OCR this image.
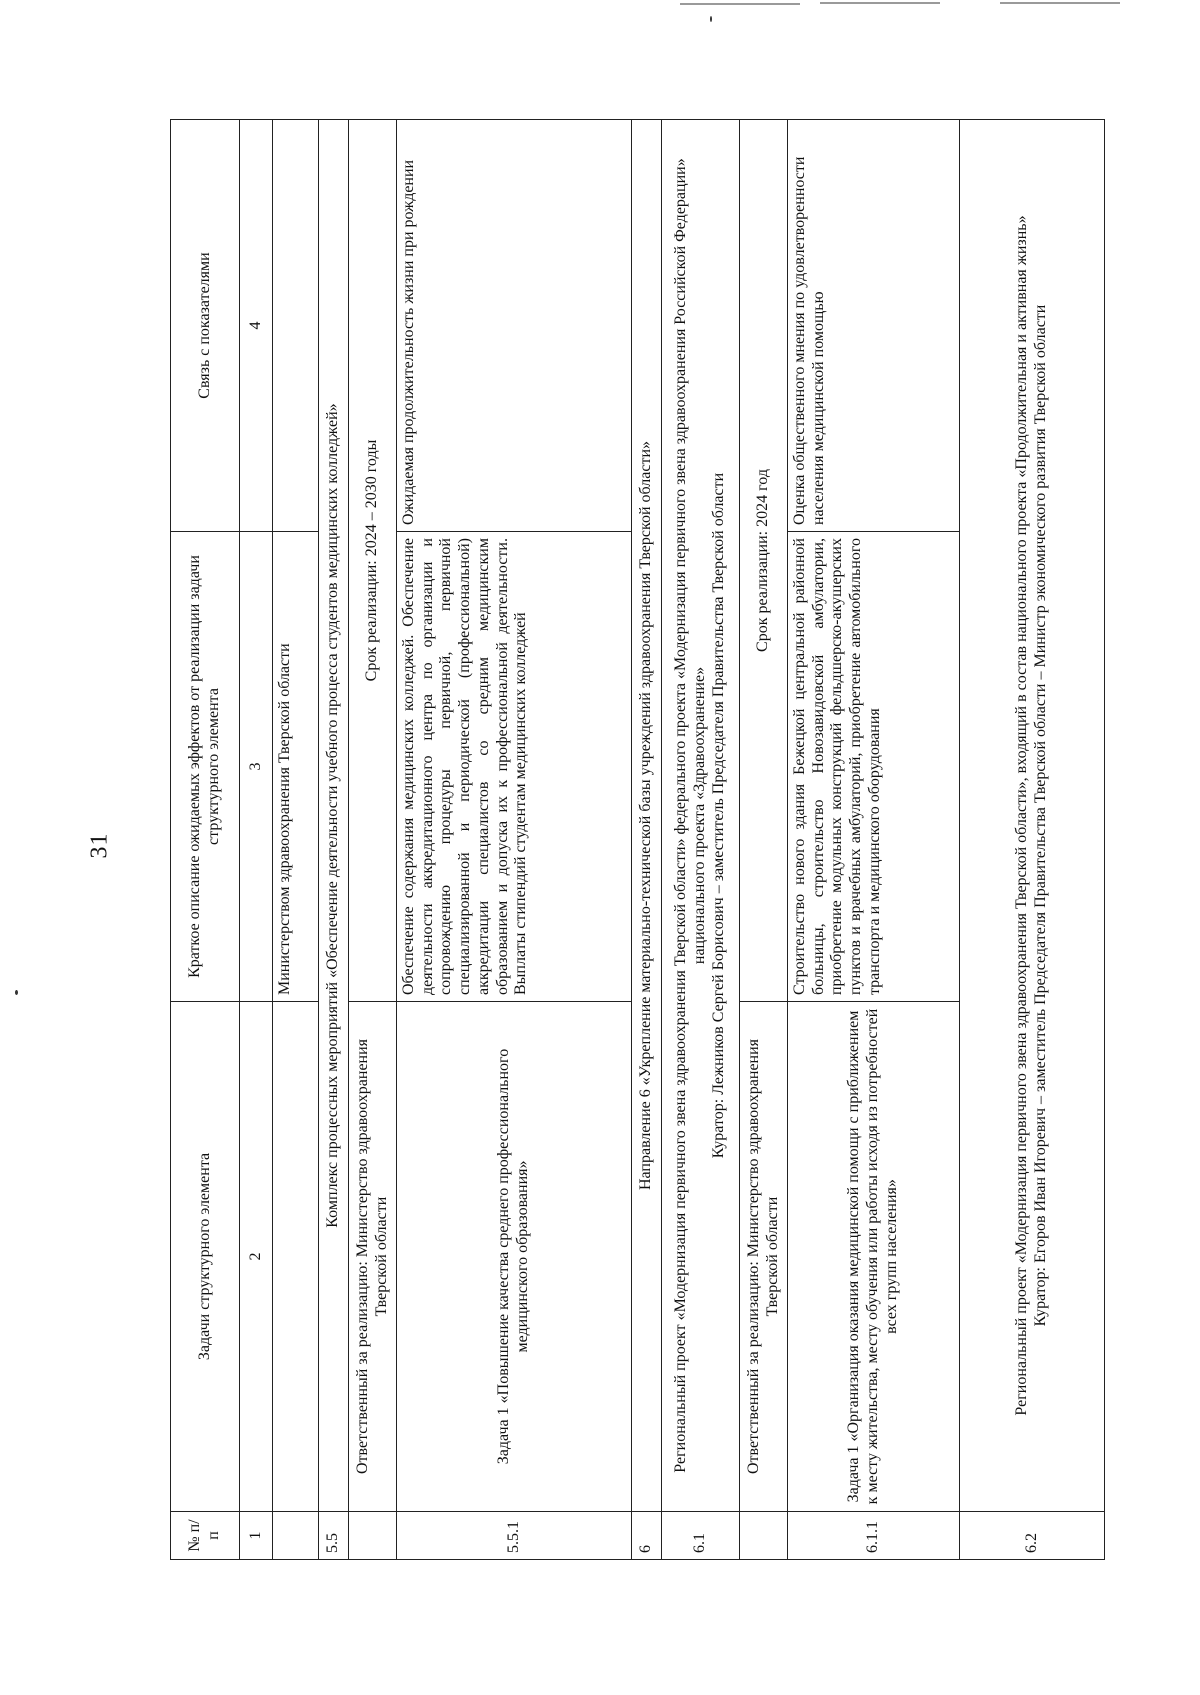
31
№ п/п	Задачи структурного элемента	Краткое описание ожидаемых эффектов от реализации задачи структурного элемента	Связь с показателями
1	2	3	4
		Министерством здравоохранения Тверской области	
5.5	Комплекс процессных мероприятий «Обеспечение деятельности учебного процесса студентов медицинских колледжей»		
	Ответственный за реализацию: Министерство здравоохранения Тверской области	Срок реализации: 2024 – 2030 годы	
5.5.1	Задача 1 «Повышение качества среднего профессионального медицинского образования»	Обеспечение содержания медицинских колледжей. Обеспечение деятельности аккредитационного центра по организации и сопровождению процедуры первичной, первичной специализированной и периодической (профессиональной) аккредитации специалистов со средним медицинским образованием и допуска их к профессиональной деятельности. Выплаты стипендий студентам медицинских колледжей	Ожидаемая продолжительность жизни при рождении
6	Направление 6 «Укрепление материально-технической базы учреждений здравоохранения Тверской области»		
6.1	Региональный проект «Модернизация первичного звена здравоохранения Тверской области» федерального проекта «Модернизация первичного звена здравоохранения Российской Федерации» национального проекта «Здравоохранение» Куратор: Лежников Сергей Борисович – заместитель Председателя Правительства Тверской области		

	Ответственный за реализацию: Министерство здравоохранения Тверской области	Срок реализации: 2024 год	
6.1.1	Задача 1 «Организация оказания медицинской помощи с приближением к месту жительства, месту обучения или работы исходя из потребностей всех групп населения»	Строительство нового здания Бежецкой центральной районной больницы, строительство Новозавидовской амбулатории, приобретение модульных конструкций фельдшерско-акушерских пунктов и врачебных амбулаторий, приобретение автомобильного транспорта и медицинского оборудования	Оценка общественного мнения по удовлетворенности населения медицинской помощью
6.2	Региональный проект «Модернизация первичного звена здравоохранения Тверской области», входящий в состав национального проекта «Продолжительная и активная жизнь» Куратор: Егоров Иван Игоревич – заместитель Председателя Правительства Тверской области – Министр экономического развития Тверской области		
